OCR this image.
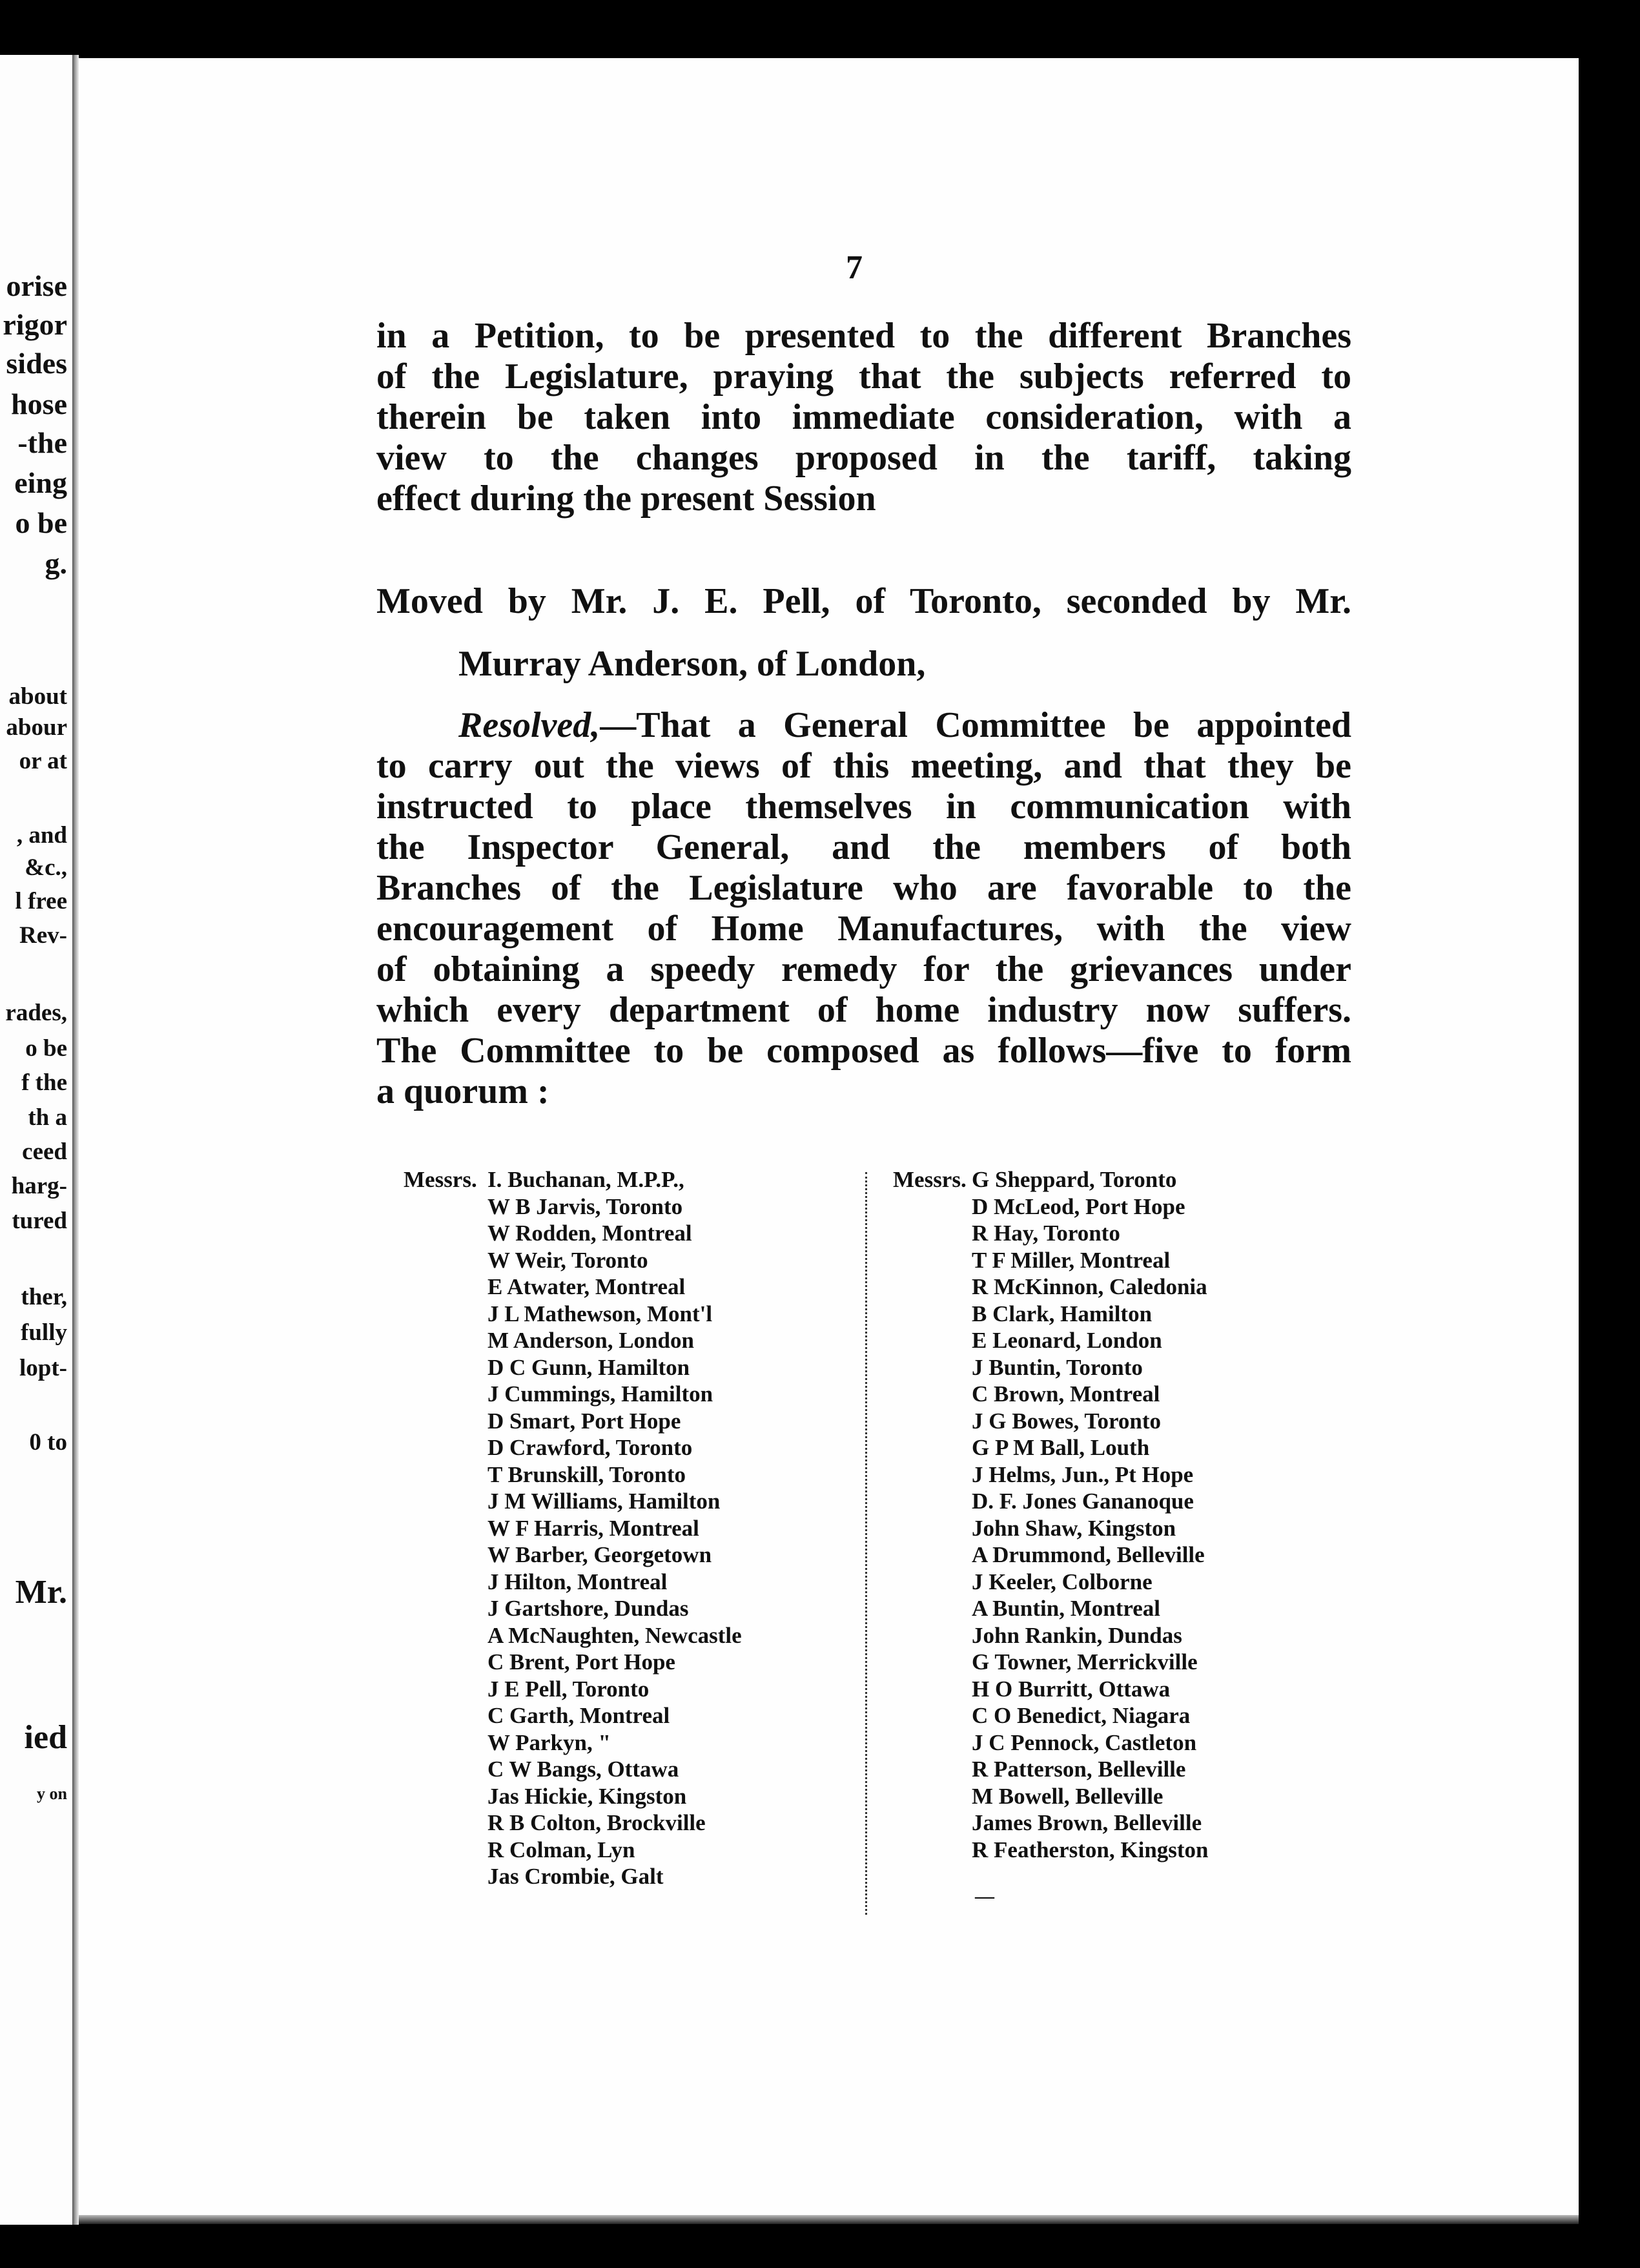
orise
rigor
sides
hose
-the
eing
o be
g.
about
abour
or at
, and
&c.,
l free
Rev-
rades,
o be
f the
th a
ceed
harg-
tured
ther,
fully
lopt-
0 to
Mr.
ied
y on
7
in a Petition, to be presented to the different Branches
of the Legislature, praying that the subjects referred to
therein be taken into immediate consideration, with a
view to the changes proposed in the tariff, taking
effect during the present Session
Moved by Mr. J. E. Pell, of Toronto, seconded by Mr.
Murray Anderson, of London,
Resolved,—That a General Committee be appointed
to carry out the views of this meeting, and that they be
instructed to place themselves in communication with
the Inspector General, and the members of both
Branches of the Legislature who are favorable to the
encouragement of Home Manufactures, with the view
of obtaining a speedy remedy for the grievances under
which every department of home industry now suffers.
The Committee to be composed as follows—five to form
a quorum :
Messrs. I. Buchanan, M.P.P.,
W B Jarvis, Toronto
W Rodden, Montreal
W Weir, Toronto
E Atwater, Montreal
J L Mathewson, Mont'l
M Anderson, London
D C Gunn, Hamilton
J Cummings, Hamilton
D Smart, Port Hope
D Crawford, Toronto
T Brunskill, Toronto
J M Williams, Hamilton
W F Harris, Montreal
W Barber, Georgetown
J Hilton, Montreal
J Gartshore, Dundas
A McNaughten, Newcastle
C Brent, Port Hope
J E Pell, Toronto
C Garth, Montreal
W Parkyn, "
C W Bangs, Ottawa
Jas Hickie, Kingston
R B Colton, Brockville
R Colman, Lyn
Jas Crombie, Galt
Messrs. G Sheppard, Toronto
D McLeod, Port Hope
R Hay, Toronto
T F Miller, Montreal
R McKinnon, Caledonia
B Clark, Hamilton
E Leonard, London
J Buntin, Toronto
C Brown, Montreal
J G Bowes, Toronto
G P M Ball, Louth
J Helms, Jun., Pt Hope
D. F. Jones Gananoque
John Shaw, Kingston
A Drummond, Belleville
J Keeler, Colborne
A Buntin, Montreal
John Rankin, Dundas
G Towner, Merrickville
H O Burritt, Ottawa
C O Benedict, Niagara
J C Pennock, Castleton
R Patterson, Belleville
M Bowell, Belleville
James Brown, Belleville
R Featherston, Kingston
—
